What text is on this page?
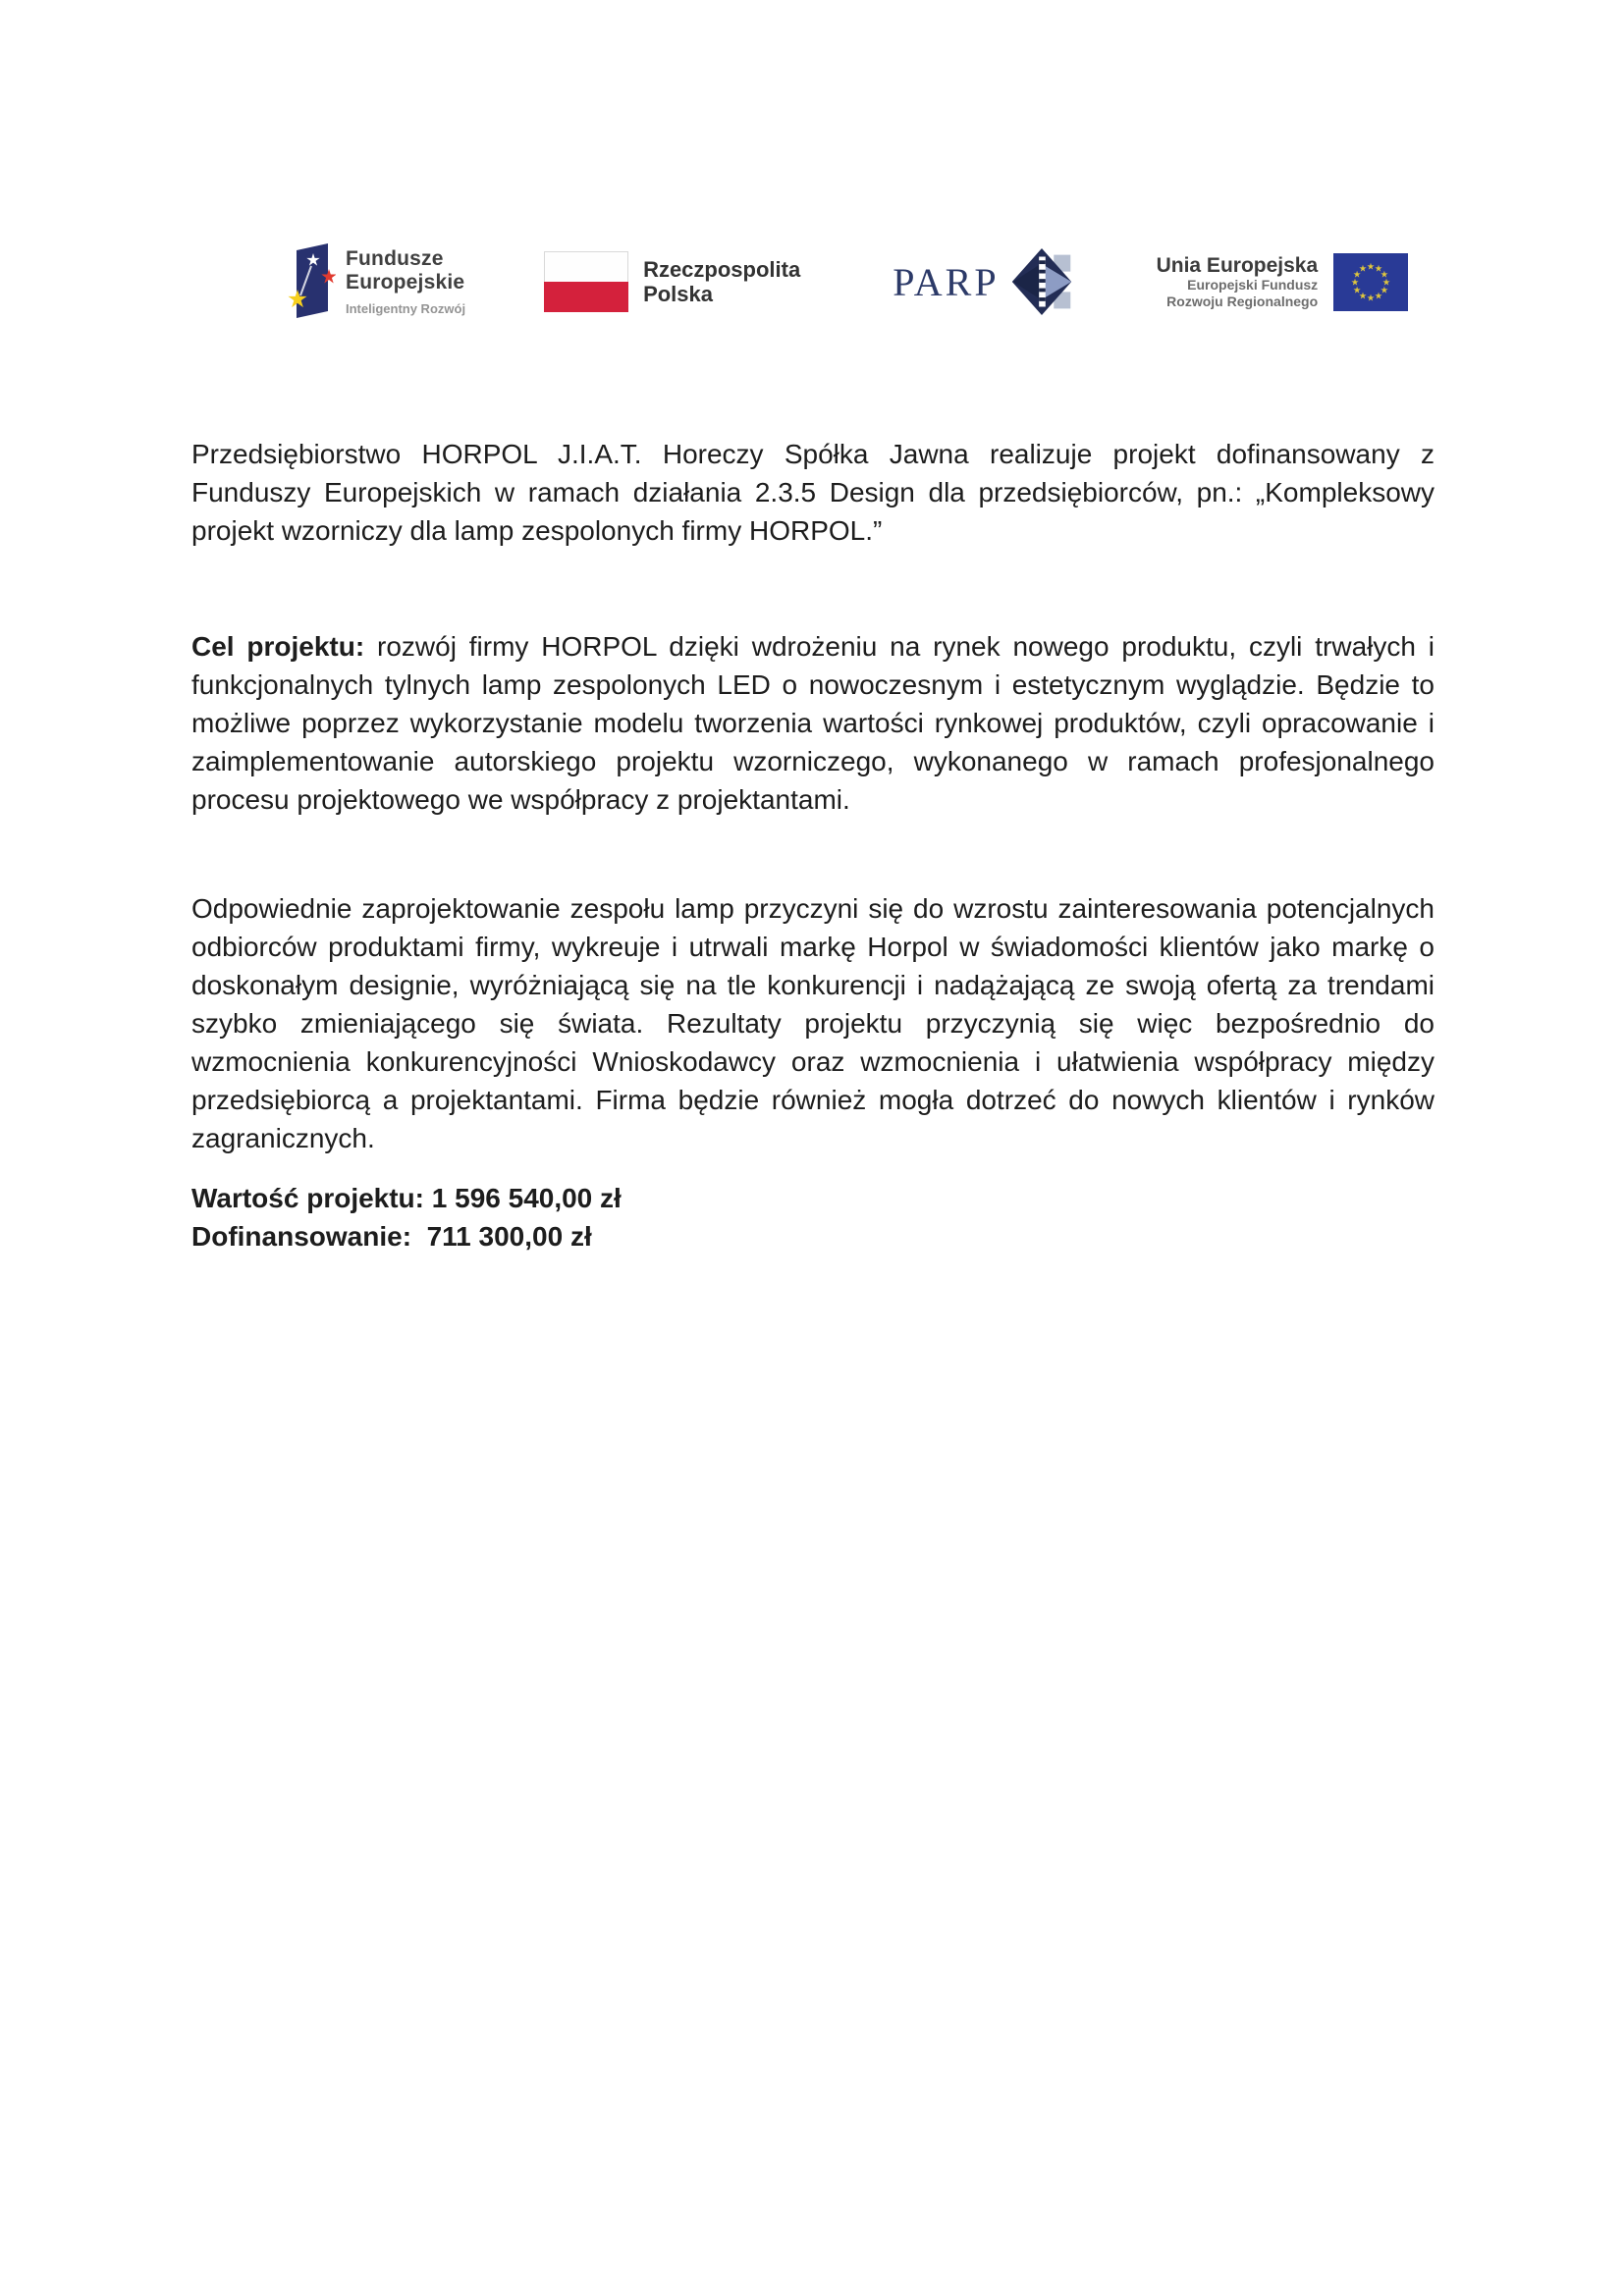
Fundusze
Europejskie
Inteligentny Rozwój
Rzeczpospolita
Polska	PARP	Unia Europejska
Europejski Fundusz
Rozwoju Regionalnego

Przedsiębiorstwo HORPOL J.I.A.T. Horeczy Spółka Jawna realizuje projekt dofinansowany z Funduszy Europejskich w ramach działania 2.3.5 Design dla przedsiębiorców, pn.: „Kompleksowy projekt wzorniczy dla lamp zespolonych firmy HORPOL.”

Cel projektu: rozwój firmy HORPOL dzięki wdrożeniu na rynek nowego produktu, czyli trwałych i funkcjonalnych tylnych lamp zespolonych LED o nowoczesnym i estetycznym wyglądzie. Będzie to możliwe poprzez wykorzystanie modelu tworzenia wartości rynkowej produktów, czyli opracowanie i zaimplementowanie autorskiego projektu wzorniczego, wykonanego w ramach profesjonalnego procesu projektowego we współpracy z projektantami.

Odpowiednie zaprojektowanie zespołu lamp przyczyni się do wzrostu zainteresowania potencjalnych odbiorców produktami firmy, wykreuje i utrwali markę Horpol w świadomości klientów jako markę o doskonałym designie, wyróżniającą się na tle konkurencji i nadążającą ze swoją ofertą za trendami szybko zmieniającego się świata. Rezultaty projektu przyczynią się więc bezpośrednio do wzmocnienia konkurencyjności Wnioskodawcy oraz wzmocnienia i ułatwienia współpracy między przedsiębiorcą a projektantami. Firma będzie również mogła dotrzeć do nowych klientów i rynków zagranicznych.

Wartość projektu: 1 596 540,00 zł

Dofinansowanie:  711 300,00 zł
